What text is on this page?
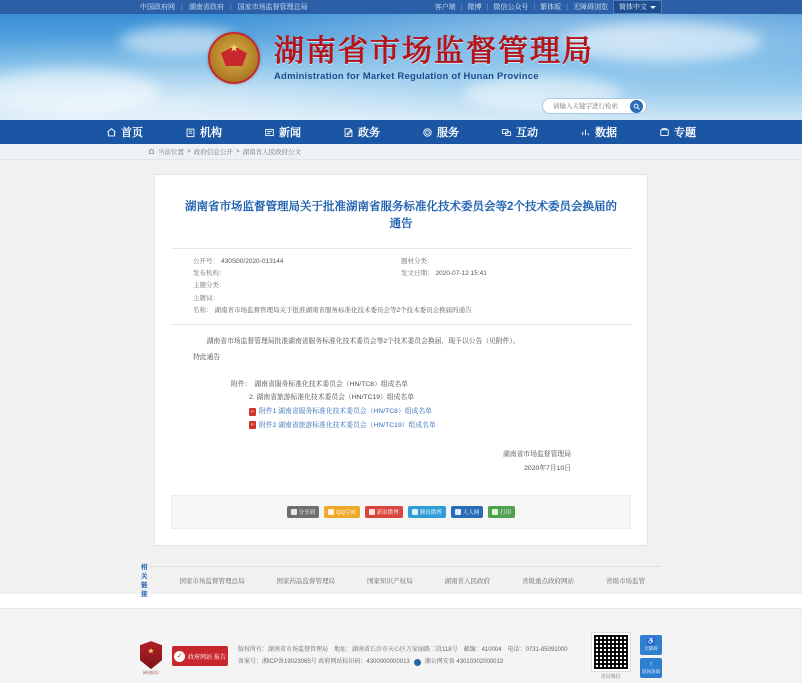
中国政府网 | 湖南省政府 | 国家市场监督管理总局	客户端 | 微博 | 微信公众号 | 繁体版 | 无障碍浏览 简体中文
★
湖南省市场监督管理局
Administration for Market Regulation of Hunan Province
请输入关键字进行检索
首页	机构	新闻	政务	服务	互动	数据	专题
当前位置 > 政府信息公开 > 湖南省人民政府公文
湖南省市场监督管理局关于批准湖南省服务标准化技术委员会等2个技术委员会换届的通告
公开号： 430S00/2020-013144	题材分类：
发布机构：	发文日期： 2020-07-12 15:41
主题分类：
主题词：
名称： 湖南省市场监督管理局关于批准湖南省服务标准化技术委员会等2个技术委员会换届的通告

湖南省市场监督管理局批准湖南省服务标准化技术委员会等2个技术委员会换届，现予以公告（见附件）。

特此通告

附件： 湖南省服务标准化技术委员会（HN/TC8）组成名单
2. 湖南省旅游标准化技术委员会（HN/TC19）组成名单
P 附件1 湖南省服务标准化技术委员会（HN/TC8）组成名单
P 附件2 湖南省旅游标准化技术委员会（HN/TC19）组成名单
湖南省市场监督管理局
2020年7月10日
分享到	QQ空间	新浪微博	腾讯微博	人人网	打印
相关链接
国家市场监督管理总局	国家药品监督管理局	国家知识产权局	湖南省人民政府	省级重点政府网站	省级市场监管
★
网站标识
✓ 政府网站 报告
版权所有：湖南省市场监督管理局　地址：湖南省长沙市天心区万家丽路二段118号　邮编：410004　电话：0731-85091000
备案号：湘ICP备19023065号 政府网站标识码：4300000000013	湘公网安备 43010302000013
省局微信
♿
无障碍
↑
返回顶部
